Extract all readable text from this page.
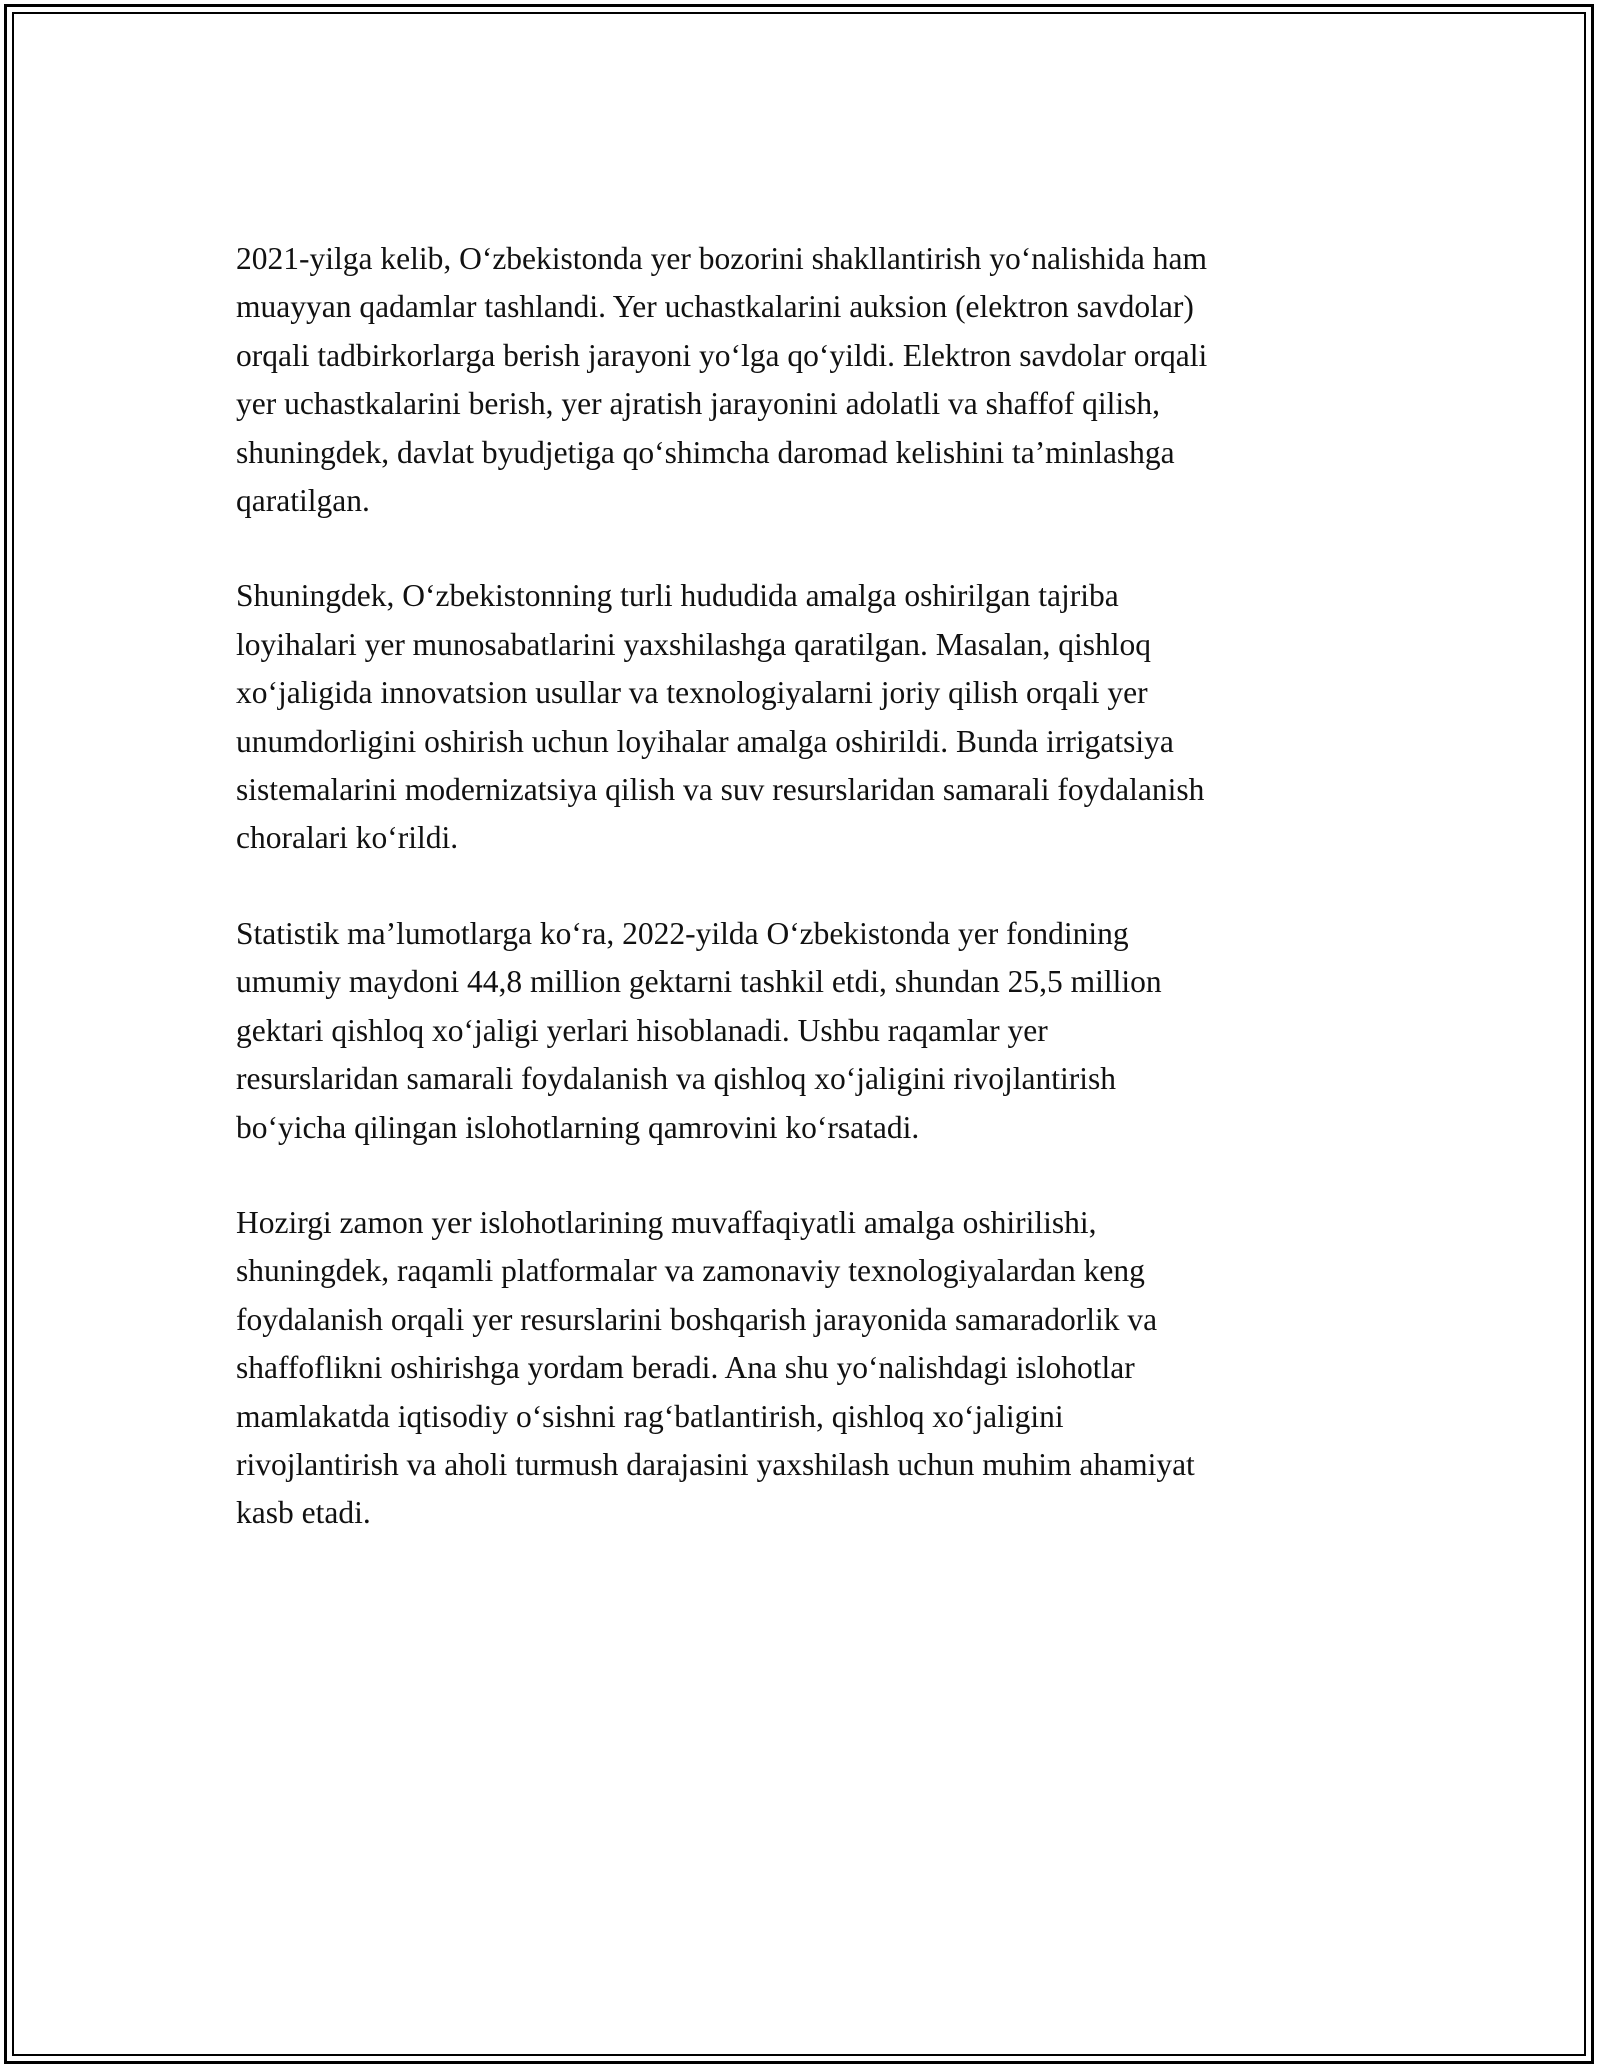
2021-yilga kelib, O‘zbekistonda yer bozorini shakllantirish yo‘nalishida ham
muayyan qadamlar tashlandi. Yer uchastkalarini auksion (elektron savdolar)
orqali tadbirkorlarga berish jarayoni yo‘lga qo‘yildi. Elektron savdolar orqali
yer uchastkalarini berish, yer ajratish jarayonini adolatli va shaffof qilish,
shuningdek, davlat byudjetiga qo‘shimcha daromad kelishini ta’minlashga
qaratilgan.

Shuningdek, O‘zbekistonning turli hududida amalga oshirilgan tajriba
loyihalari yer munosabatlarini yaxshilashga qaratilgan. Masalan, qishloq
xo‘jaligida innovatsion usullar va texnologiyalarni joriy qilish orqali yer
unumdorligini oshirish uchun loyihalar amalga oshirildi. Bunda irrigatsiya
sistemalarini modernizatsiya qilish va suv resurslaridan samarali foydalanish
choralari ko‘rildi.

Statistik ma’lumotlarga ko‘ra, 2022-yilda O‘zbekistonda yer fondining
umumiy maydoni 44,8 million gektarni tashkil etdi, shundan 25,5 million
gektari qishloq xo‘jaligi yerlari hisoblanadi. Ushbu raqamlar yer
resurslaridan samarali foydalanish va qishloq xo‘jaligini rivojlantirish
bo‘yicha qilingan islohotlarning qamrovini ko‘rsatadi.

Hozirgi zamon yer islohotlarining muvaffaqiyatli amalga oshirilishi,
shuningdek, raqamli platformalar va zamonaviy texnologiyalardan keng
foydalanish orqali yer resurslarini boshqarish jarayonida samaradorlik va
shaffoflikni oshirishga yordam beradi. Ana shu yo‘nalishdagi islohotlar
mamlakatda iqtisodiy o‘sishni rag‘batlantirish, qishloq xo‘jaligini
rivojlantirish va aholi turmush darajasini yaxshilash uchun muhim ahamiyat
kasb etadi.
